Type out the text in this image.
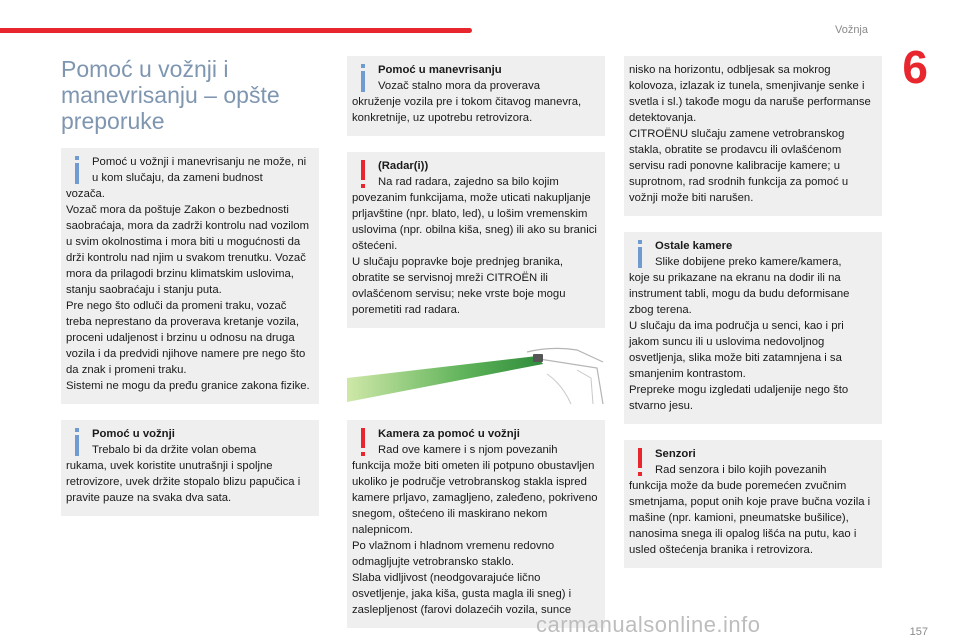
Vožnja
6
Pomoć u vožnji i manevrisanju – opšte preporuke

Pomoć u vožnji i manevrisanju ne može, ni u kom slučaju, da zameni budnost

vozača.

Vozač mora da poštuje Zakon o bezbednosti saobraćaja, mora da zadrži kontrolu nad vozilom u svim okolnostima i mora biti u mogućnosti da drži kontrolu nad njim u svakom trenutku. Vozač mora da prilagodi brzinu klimatskim uslovima, stanju saobraćaju i stanju puta.

Pre nego što odluči da promeni traku, vozač treba neprestano da proverava kretanje vozila, proceni udaljenost i brzinu u odnosu na druga vozila i da predvidi njihove namere pre nego što da znak i promeni traku.

Sistemi ne mogu da pređu granice zakona fizike.

Pomoć u vožnji

Trebalo bi da držite volan obema

rukama, uvek koristite unutrašnji i spoljne retrovizore, uvek držite stopalo blizu papučica i pravite pauze na svaka dva sata.

Pomoć u manevrisanju

Vozač stalno mora da proverava

okruženje vozila pre i tokom čitavog manevra, konkretnije, uz upotrebu retrovizora.

(Radar(i))

Na rad radara, zajedno sa bilo kojim

povezanim funkcijama, može uticati nakupljanje prljavštine (npr. blato, led), u lošim vremenskim uslovima (npr. obilna kiša, sneg) ili ako su branici oštećeni.

U slučaju popravke boje prednjeg branika, obratite se servisnoj mreži CITROËN ili ovlašćenom servisu; neke vrste boje mogu poremetiti rad radara.

Kamera za pomoć u vožnji

Rad ove kamere i s njom povezanih

funkcija može biti ometen ili potpuno obustavljen ukoliko je područje vetrobranskog stakla ispred kamere prljavo, zamagljeno, zaleđeno, pokriveno snegom, oštećeno ili maskirano nekom nalepnicom.

Po vlažnom i hladnom vremenu redovno odmagljujte vetrobransko staklo.

Slaba vidljivost (neodgovarajuće lično osvetljenje, jaka kiša, gusta magla ili sneg) i zaslepljenost (farovi dolazećih vozila, sunce

nisko na horizontu, odbljesak sa mokrog kolovoza, izlazak iz tunela, smenjivanje senke i svetla i sl.) takođe mogu da naruše performanse detektovanja.

CITROËNU slučaju zamene vetrobranskog stakla, obratite se prodavcu ili ovlašćenom servisu radi ponovne kalibracije kamere; u suprotnom, rad srodnih funkcija za pomoć u vožnji može biti narušen.

Ostale kamere

Slike dobijene preko kamere/kamera,

koje su prikazane na ekranu na dodir ili na instrument tabli, mogu da budu deformisane zbog terena.

U slučaju da ima područja u senci, kao i pri jakom suncu ili u uslovima nedovoljnog osvetljenja, slika može biti zatamnjena i sa smanjenim kontrastom.

Prepreke mogu izgledati udaljenije nego što stvarno jesu.

Senzori

Rad senzora i bilo kojih povezanih

funkcija može da bude poremećen zvučnim smetnjama, poput onih koje prave bučna vozila i mašine (npr. kamioni, pneumatske bušilice), nanosima snega ili opalog lišća na putu, kao i usled oštećenja branika i retrovizora.

carmanualsonline.info	157
